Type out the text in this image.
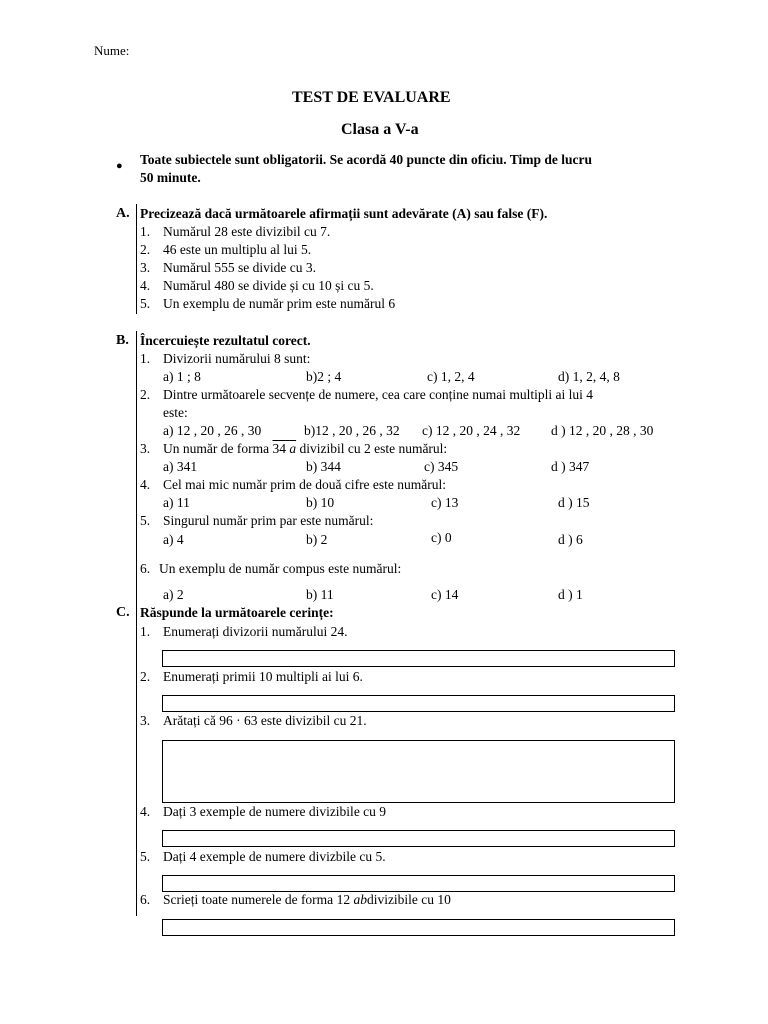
Nume:
TEST DE EVALUARE
Clasa a V-a
● Toate subiectele sunt obligatorii. Se acordă 40 puncte din oficiu. Timp de lucru
50 minute.
A. Precizează dacă următoarele afirmații sunt adevărate (A) sau false (F).
1. Numărul 28 este divizibil cu 7.
2. 46 este un multiplu al lui 5.
3. Numărul 555 se divide cu 3.
4. Numărul 480 se divide și cu 10 și cu 5.
5. Un exemplu de număr prim este numărul 6
B. Încercuiește rezultatul corect.
1. Divizorii numărului 8 sunt:
a) 1 ; 8	b)2 ; 4	c) 1, 2, 4	d) 1, 2, 4, 8
2. Dintre următoarele secvențe de numere, cea care conține numai multipli ai lui 4
este:
a) 12 , 20 , 26 , 30	b)12 , 20 , 26 , 32 c) 12 , 20 , 24 , 32 d ) 12 , 20 , 28 , 30
3. Un număr de forma 34 a divizibil cu 2 este numărul:
a) 341	b) 344	c) 345	d ) 347
4. Cel mai mic număr prim de două cifre este numărul:
a) 11	b) 10	c) 13	d ) 15
5. Singurul număr prim par este numărul:
a) 4	b) 2	c) 0	d ) 6
6. Un exemplu de număr compus este numărul:
a) 2	b) 11	c) 14	d ) 1
C. Răspunde la următoarele cerințe:
1. Enumerați divizorii numărului 24.
2. Enumerați primii 10 multipli ai lui 6.
3. Arătați că 96 · 63 este divizibil cu 21.
4. Dați 3 exemple de numere divizibile cu 9
5. Dați 4 exemple de numere divizbile cu 5.
6. Scrieți toate numerele de forma 12 abdivizibile cu 10
